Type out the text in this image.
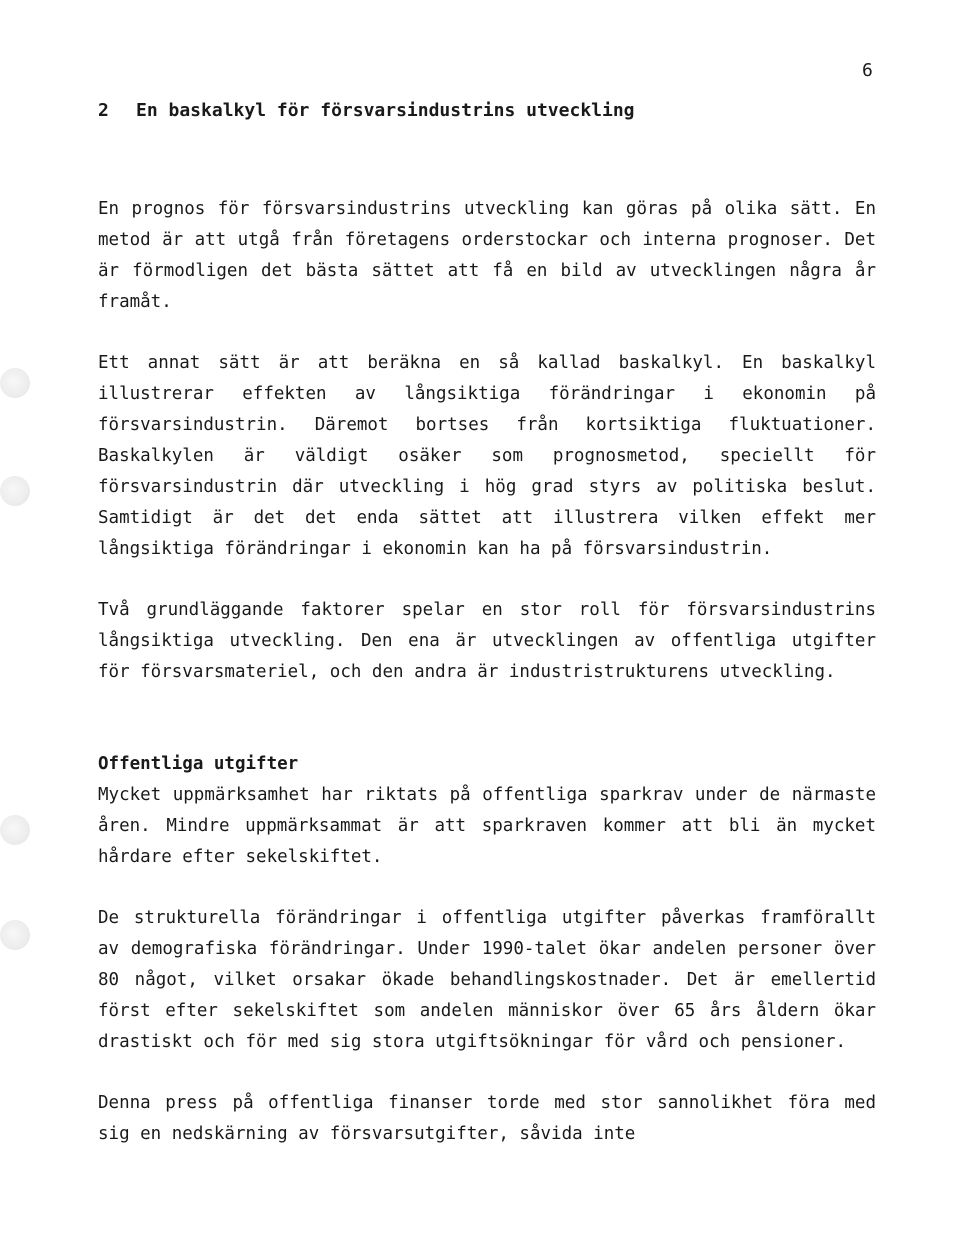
6
2 En baskalkyl för försvarsindustrins utveckling

En prognos för försvarsindustrins utveckling kan göras på olika sätt. En metod är att utgå från företagens orderstockar och interna prognoser. Det är förmodligen det bästa sättet att få en bild av utvecklingen några år framåt.

Ett annat sätt är att beräkna en så kallad baskalkyl. En baskalkyl illustrerar effekten av långsiktiga förändringar i ekonomin på försvarsindustrin. Däremot bortses från kortsiktiga fluktuationer. Baskalkylen är väldigt osäker som prognosmetod, speciellt för försvarsindustrin där utveckling i hög grad styrs av politiska beslut. Samtidigt är det det enda sättet att illustrera vilken effekt mer långsiktiga förändringar i ekonomin kan ha på försvarsindustrin.

Två grundläggande faktorer spelar en stor roll för försvarsindustrins långsiktiga utveckling. Den ena är utvecklingen av offentliga utgifter för försvarsmateriel, och den andra är industristrukturens utveckling.

Offentliga utgifter

Mycket uppmärksamhet har riktats på offentliga sparkrav under de närmaste åren. Mindre uppmärksammat är att sparkraven kommer att bli än mycket hårdare efter sekelskiftet.

De strukturella förändringar i offentliga utgifter påverkas framförallt av demografiska förändringar. Under 1990-talet ökar andelen personer över 80 något, vilket orsakar ökade behandlingskostnader. Det är emellertid först efter sekelskiftet som andelen människor över 65 års åldern ökar drastiskt och för med sig stora utgiftsökningar för vård och pensioner.

Denna press på offentliga finanser torde med stor sannolikhet föra med sig en nedskärning av försvarsutgifter, såvida inte
